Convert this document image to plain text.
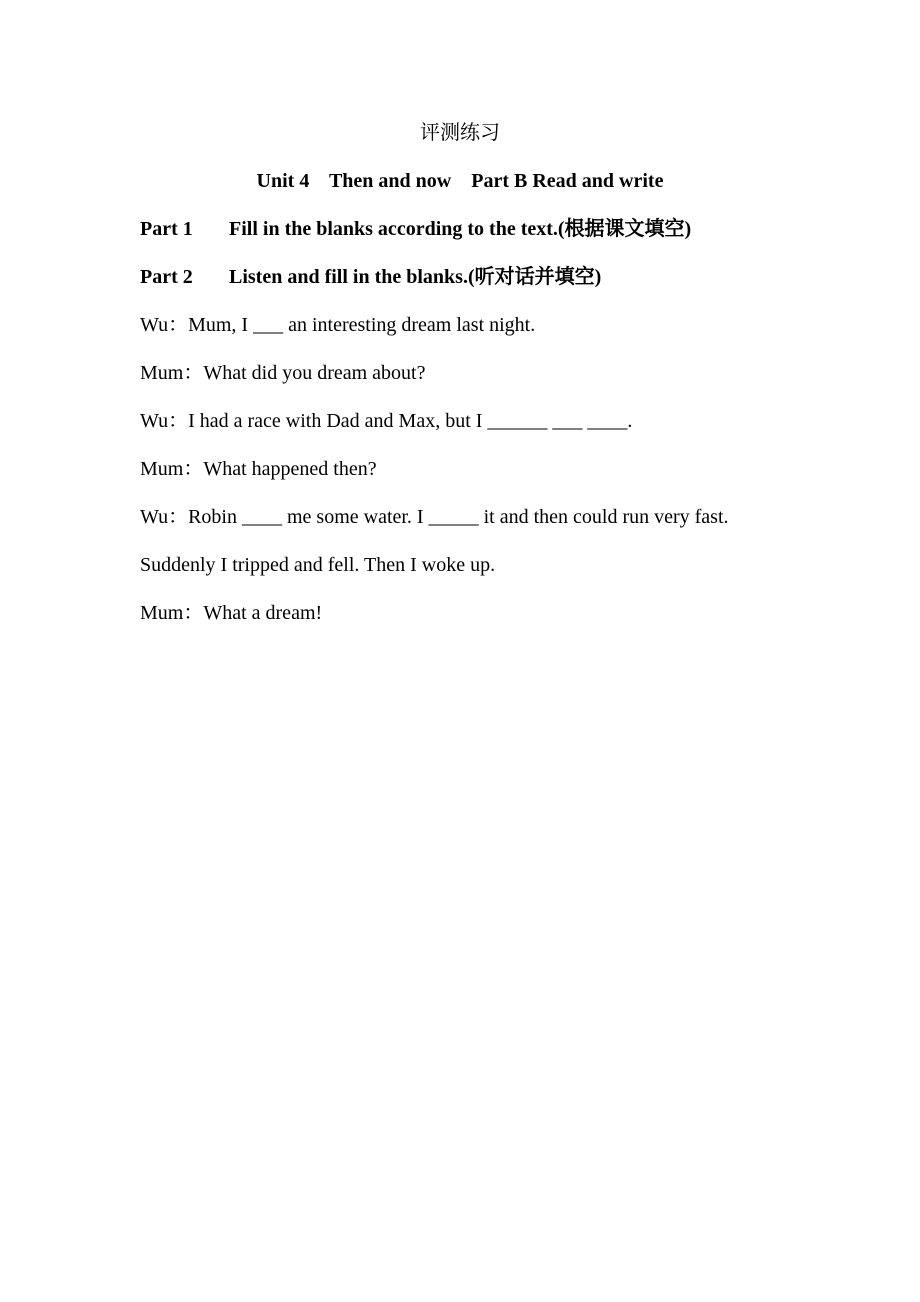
评测练习
Unit 4    Then and now    Part B Read and write
Part 1 Fill in the blanks according to the text.(根据课文填空)
Part 2 Listen and fill in the blanks.(听对话并填空)
Wu：Mum, I ___ an interesting dream last night.
Mum：What did you dream about?
Wu：I had a race with Dad and Max, but I ______ ___ ____.
Mum：What happened then?
Wu：Robin ____ me some water. I _____ it and then could run very fast.
Suddenly I tripped and fell. Then I woke up.
Mum：What a dream!
